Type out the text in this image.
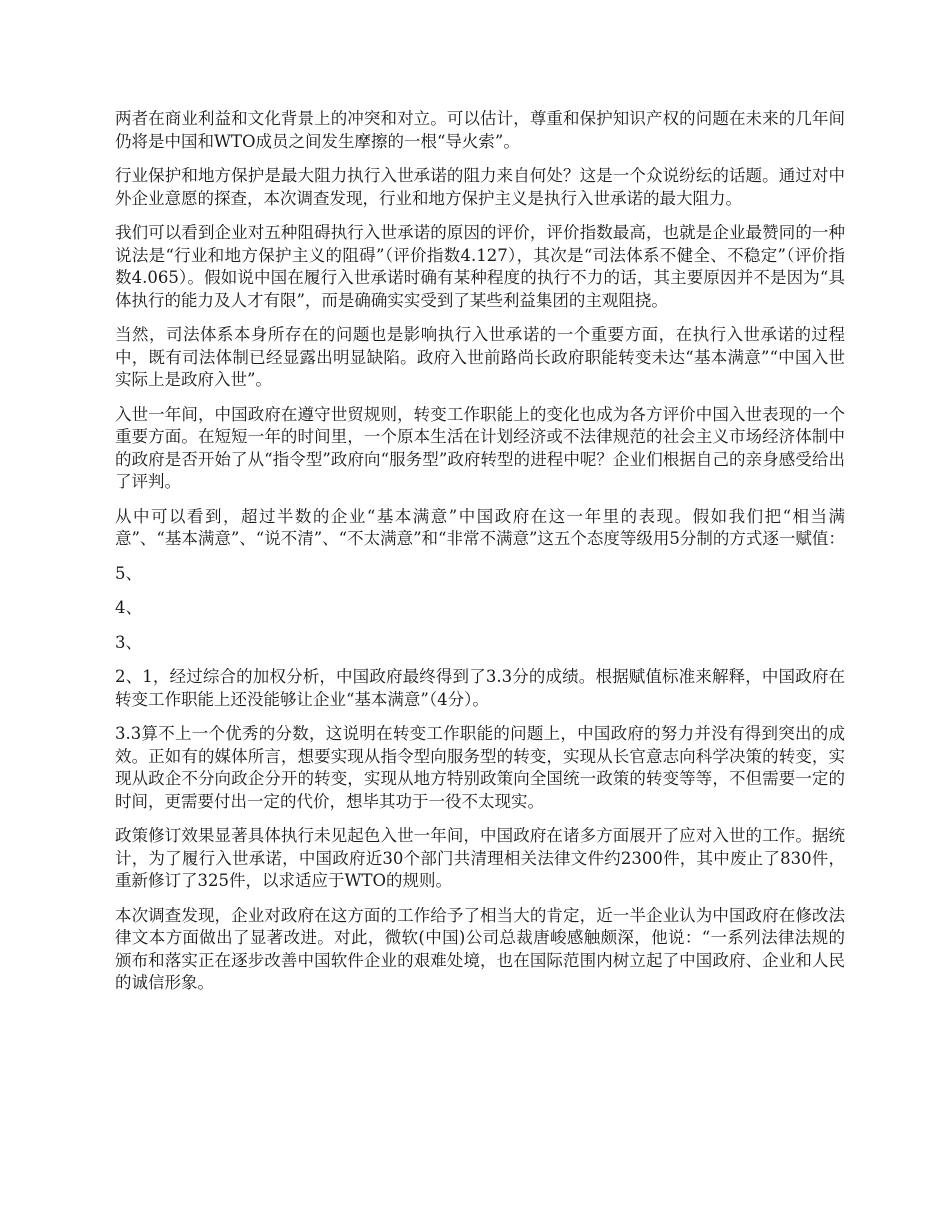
两者在商业利益和文化背景上的冲突和对立。可以估计，尊重和保护知识产权的问题在未来的几年间仍将是中国和WTO成员之间发生摩擦的一根“导火索”。

行业保护和地方保护是最大阻力执行入世承诺的阻力来自何处？这是一个众说纷纭的话题。通过对中外企业意愿的探查，本次调查发现，行业和地方保护主义是执行入世承诺的最大阻力。

我们可以看到企业对五种阻碍执行入世承诺的原因的评价，评价指数最高，也就是企业最赞同的一种说法是“行业和地方保护主义的阻碍”（评价指数4.127），其次是“司法体系不健全、不稳定”（评价指数4.065）。假如说中国在履行入世承诺时确有某种程度的执行不力的话，其主要原因并不是因为“具体执行的能力及人才有限”，而是确确实实受到了某些利益集团的主观阻挠。

当然，司法体系本身所存在的问题也是影响执行入世承诺的一个重要方面，在执行入世承诺的过程中，既有司法体制已经显露出明显缺陷。政府入世前路尚长政府职能转变未达“基本满意”“中国入世实际上是政府入世”。

入世一年间，中国政府在遵守世贸规则，转变工作职能上的变化也成为各方评价中国入世表现的一个重要方面。在短短一年的时间里，一个原本生活在计划经济或不法律规范的社会主义市场经济体制中的政府是否开始了从“指令型”政府向“服务型”政府转型的进程中呢？企业们根据自己的亲身感受给出了评判。

从中可以看到，超过半数的企业“基本满意”中国政府在这一年里的表现。假如我们把“相当满意”、“基本满意”、“说不清”、“不太满意”和“非常不满意”这五个态度等级用5分制的方式逐一赋值：

5、

4、

3、

2、1，经过综合的加权分析，中国政府最终得到了3.3分的成绩。根据赋值标准来解释，中国政府在转变工作职能上还没能够让企业“基本满意”（4分）。

3.3算不上一个优秀的分数，这说明在转变工作职能的问题上，中国政府的努力并没有得到突出的成效。正如有的媒体所言，想要实现从指令型向服务型的转变，实现从长官意志向科学决策的转变，实现从政企不分向政企分开的转变，实现从地方特别政策向全国统一政策的转变等等，不但需要一定的时间，更需要付出一定的代价，想毕其功于一役不太现实。

政策修订效果显著具体执行未见起色入世一年间，中国政府在诸多方面展开了应对入世的工作。据统计，为了履行入世承诺，中国政府近30个部门共清理相关法律文件约2300件，其中废止了830件，重新修订了325件，以求适应于WTO的规则。

本次调查发现，企业对政府在这方面的工作给予了相当大的肯定，近一半企业认为中国政府在修改法律文本方面做出了显著改进。对此，微软(中国)公司总裁唐峻感触颇深，他说：“一系列法律法规的颁布和落实正在逐步改善中国软件企业的艰难处境，也在国际范围内树立起了中国政府、企业和人民的诚信形象。
